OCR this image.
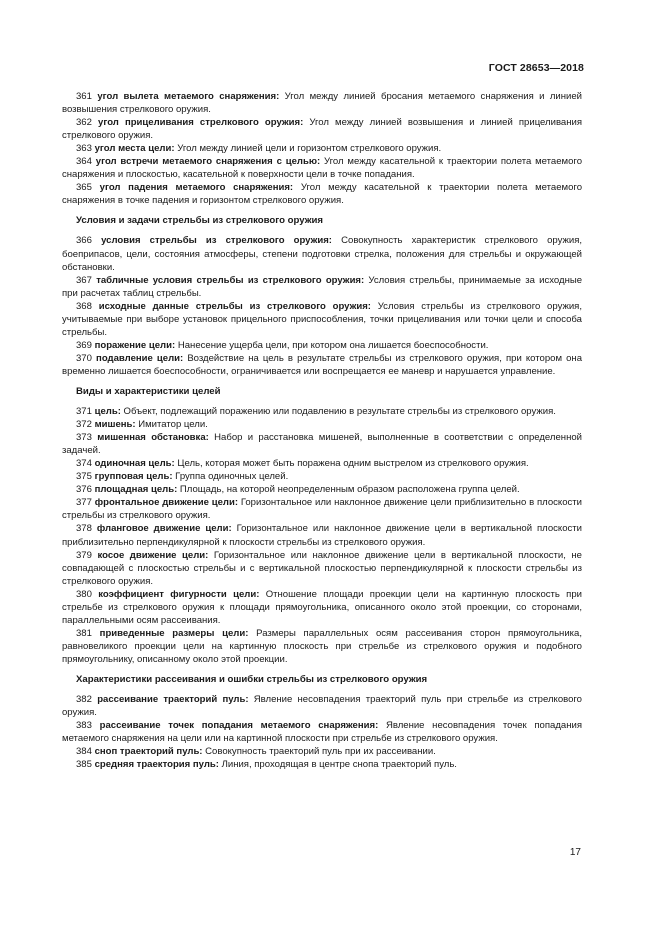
ГОСТ 28653—2018

361 угол вылета метаемого снаряжения: Угол между линией бросания метаемого снаряжения и линией возвышения стрелкового оружия.

362 угол прицеливания стрелкового оружия: Угол между линией возвышения и линией прицеливания стрелкового оружия.

363 угол места цели: Угол между линией цели и горизонтом стрелкового оружия.

364 угол встречи метаемого снаряжения с целью: Угол между касательной к траектории полета метаемого снаряжения и плоскостью, касательной к поверхности цели в точке попадания.

365 угол падения метаемого снаряжения: Угол между касательной к траектории полета метаемого снаряжения в точке падения и горизонтом стрелкового оружия.

Условия и задачи стрельбы из стрелкового оружия

366 условия стрельбы из стрелкового оружия: Совокупность характеристик стрелкового оружия, боеприпасов, цели, состояния атмосферы, степени подготовки стрелка, положения для стрельбы и окружающей обстановки.

367 табличные условия стрельбы из стрелкового оружия: Условия стрельбы, принимаемые за исходные при расчетах таблиц стрельбы.

368 исходные данные стрельбы из стрелкового оружия: Условия стрельбы из стрелкового оружия, учитываемые при выборе установок прицельного приспособления, точки прицеливания или точки цели и способа стрельбы.

369 поражение цели: Нанесение ущерба цели, при котором она лишается боеспособности.

370 подавление цели: Воздействие на цель в результате стрельбы из стрелкового оружия, при котором она временно лишается боеспособности, ограничивается или воспрещается ее маневр и нарушается управление.

Виды и характеристики целей

371 цель: Объект, подлежащий поражению или подавлению в результате стрельбы из стрелкового оружия.

372 мишень: Имитатор цели.

373 мишенная обстановка: Набор и расстановка мишеней, выполненные в соответствии с определенной задачей.

374 одиночная цель: Цель, которая может быть поражена одним выстрелом из стрелкового оружия.

375 групповая цель: Группа одиночных целей.

376 площадная цель: Площадь, на которой неопределенным образом расположена группа целей.

377 фронтальное движение цели: Горизонтальное или наклонное движение цели приблизительно в плоскости стрельбы из стрелкового оружия.

378 фланговое движение цели: Горизонтальное или наклонное движение цели в вертикальной плоскости приблизительно перпендикулярной к плоскости стрельбы из стрелкового оружия.

379 косое движение цели: Горизонтальное или наклонное движение цели в вертикальной плоскости, не совпадающей с плоскостью стрельбы и с вертикальной плоскостью перпендикулярной к плоскости стрельбы из стрелкового оружия.

380 коэффициент фигурности цели: Отношение площади проекции цели на картинную плоскость при стрельбе из стрелкового оружия к площади прямоугольника, описанного около этой проекции, со сторонами, параллельными осям рассеивания.

381 приведенные размеры цели: Размеры параллельных осям рассеивания сторон прямоугольника, равновеликого проекции цели на картинную плоскость при стрельбе из стрелкового оружия и подобного прямоугольнику, описанному около этой проекции.

Характеристики рассеивания и ошибки стрельбы из стрелкового оружия

382 рассеивание траекторий пуль: Явление несовпадения траекторий пуль при стрельбе из стрелкового оружия.

383 рассеивание точек попадания метаемого снаряжения: Явление несовпадения точек попадания метаемого снаряжения на цели или на картинной плоскости при стрельбе из стрелкового оружия.

384 сноп траекторий пуль: Совокупность траекторий пуль при их рассеивании.

385 средняя траектория пуль: Линия, проходящая в центре снопа траекторий пуль.

17
